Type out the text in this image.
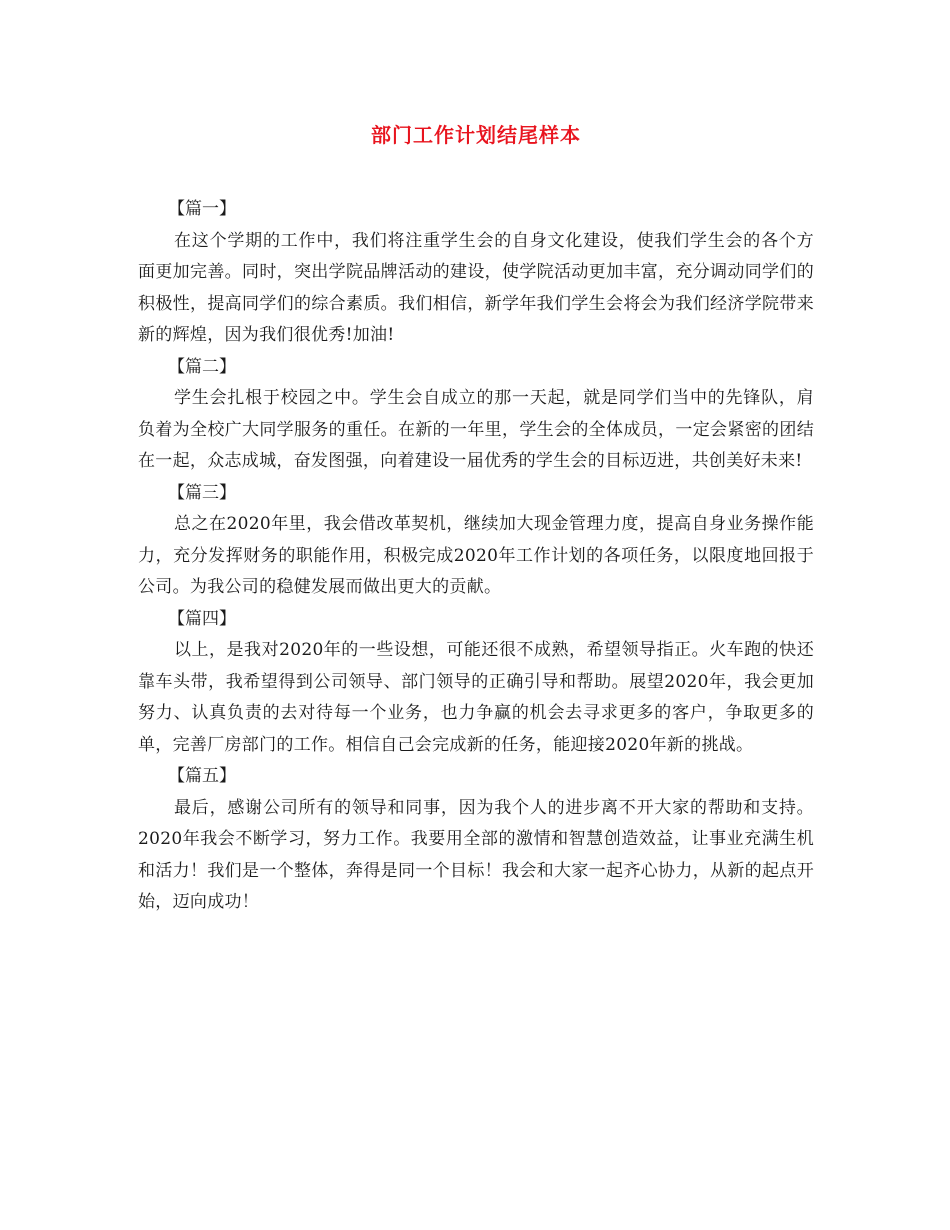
部门工作计划结尾样本

【篇一】

在这个学期的工作中，我们将注重学生会的自身文化建设，使我们学生会的各个方面更加完善。同时，突出学院品牌活动的建设，使学院活动更加丰富，充分调动同学们的积极性，提高同学们的综合素质。我们相信，新学年我们学生会将会为我们经济学院带来新的辉煌，因为我们很优秀!加油!

【篇二】

学生会扎根于校园之中。学生会自成立的那一天起，就是同学们当中的先锋队，肩负着为全校广大同学服务的重任。在新的一年里，学生会的全体成员，一定会紧密的团结在一起，众志成城，奋发图强，向着建设一届优秀的学生会的目标迈进，共创美好未来!

【篇三】

总之在2020年里，我会借改革契机，继续加大现金管理力度，提高自身业务操作能力，充分发挥财务的职能作用，积极完成2020年工作计划的各项任务，以限度地回报于公司。为我公司的稳健发展而做出更大的贡献。

【篇四】

以上，是我对2020年的一些设想，可能还很不成熟，希望领导指正。火车跑的快还靠车头带，我希望得到公司领导、部门领导的正确引导和帮助。展望2020年，我会更加努力、认真负责的去对待每一个业务，也力争赢的机会去寻求更多的客户，争取更多的单，完善厂房部门的工作。相信自己会完成新的任务，能迎接2020年新的挑战。

【篇五】

最后，感谢公司所有的领导和同事，因为我个人的进步离不开大家的帮助和支持。2020年我会不断学习，努力工作。我要用全部的激情和智慧创造效益，让事业充满生机和活力！我们是一个整体，奔得是同一个目标！我会和大家一起齐心协力，从新的起点开始，迈向成功！
